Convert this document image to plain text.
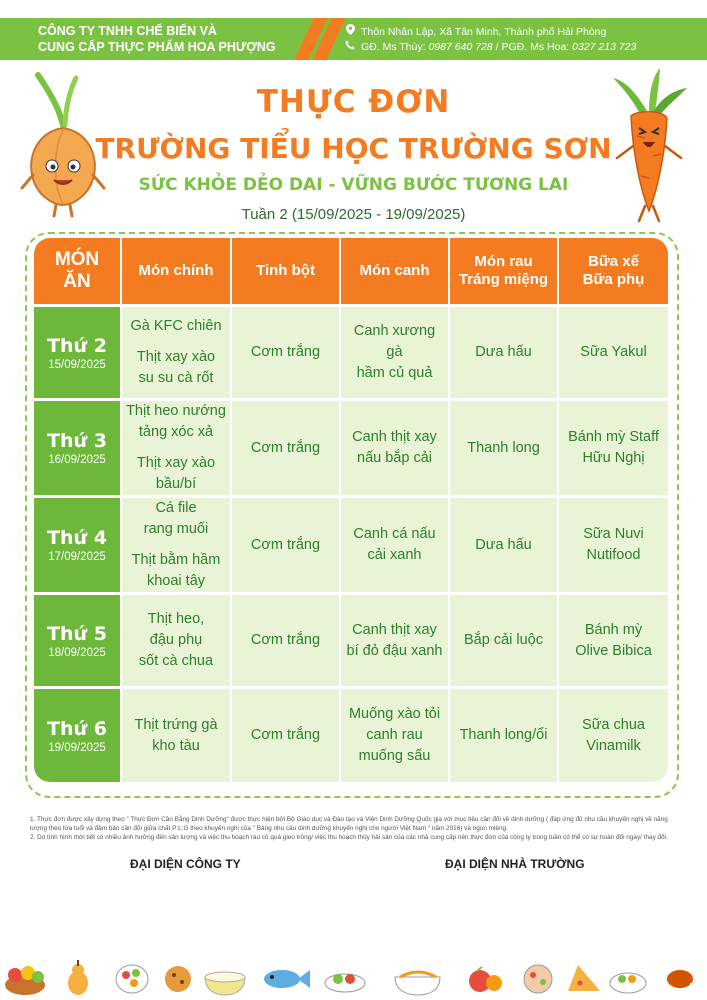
CÔNG TY TNHH CHẾ BIẾN VÀ
CUNG CẤP THỰC PHẨM HOA PHƯỢNG
Thôn Nhân Lập, Xã Tân Minh, Thành phố Hải Phòng
GĐ. Ms Thùy: 0987 640 728 / PGĐ. Ms Hoa: 0327 213 723
THỰC ĐƠN
TRƯỜNG TIỂU HỌC TRƯỜNG SƠN
SỨC KHỎE DẺO DAI - VỮNG BƯỚC TƯƠNG LAI
Tuần 2 (15/09/2025 - 19/09/2025)
MÓN
ĂN	Món chính	Tinh bột	Món canh	Món rau
Tráng miệng	Bữa xế
Bữa phụ

Thứ 2
15/09/2025	Gà KFC chiên
Thịt xay xào
su su cà rốt	Cơm trắng	Canh xương gà
hầm củ quả	Dưa hấu	Sữa Yakul

Thứ 3
16/09/2025	Thịt heo nướng
tảng xóc xả
Thịt xay xào
bầu/bí	Cơm trắng	Canh thịt xay
nấu bắp cải	Thanh long	Bánh mỳ Staff
Hữu Nghị

Thứ 4
17/09/2025	Cá file
rang muối
Thịt bằm hầm
khoai tây	Cơm trắng	Canh cá nấu
cải xanh	Dưa hấu	Sữa Nuvi
Nutifood

Thứ 5
18/09/2025	Thịt heo,
đậu phụ
sốt cà chua	Cơm trắng	Canh thịt xay
bí đỏ đậu xanh	Bắp cải luộc	Bánh mỳ
Olive Bibica

Thứ 6
19/09/2025	Thịt trứng gà
kho tàu	Cơm trắng	Muống xào tỏi
canh rau
muống sấu	Thanh long/ổi	Sữa chua
Vinamilk
1. Thực đơn được xây dựng theo " Thực Đơn Cân Bằng Dinh Dưỡng" được thực hiện bởi Bộ Giáo dục và Đào tạo và Viện Dinh Dưỡng Quốc gia với mục tiêu cân đối về dinh dưỡng ( đáp ứng đủ nhu cầu khuyến nghị về năng lượng theo lứa tuổi và đảm bảo cân đối giữa chất P:L:G theo khuyến nghị của " Bảng nhu cầu dinh dưỡng khuyến nghị cho người Việt Nam " năm 2016) và ngon miệng.
2. Do tình hình thời tiết có nhiều ảnh hưởng đến sản lượng và việc thu hoạch rau củ quả gieo trồng/ việc thu hoạch thủy hải sản của các nhà cung cấp nên thực đơn của công ty trong tuần có thể có sự hoán đổi ngày/ thay đổi.
ĐẠI DIỆN CÔNG TY	ĐẠI DIỆN NHÀ TRƯỜNG
